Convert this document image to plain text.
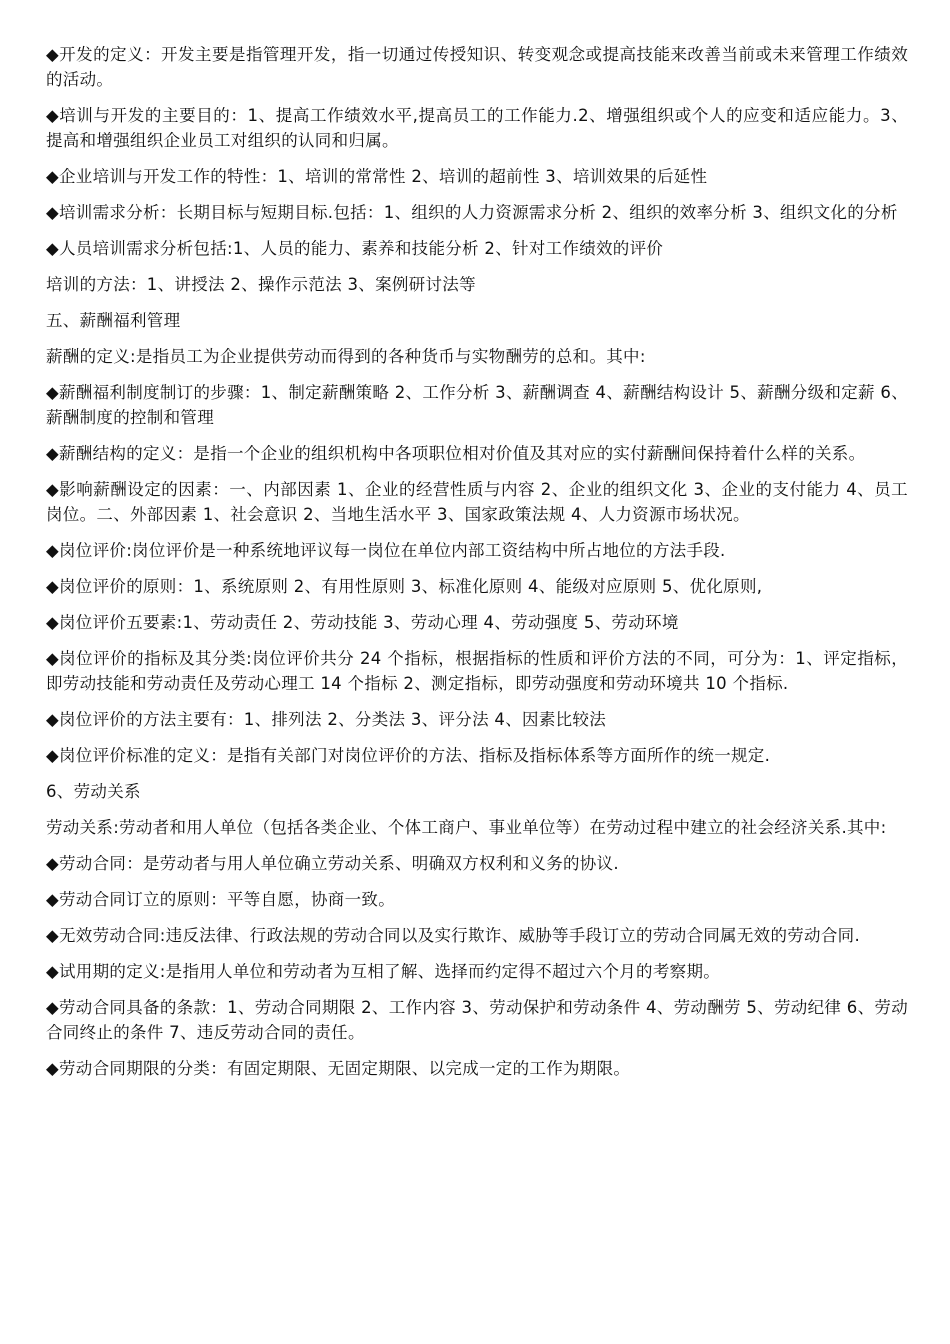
◆开发的定义：开发主要是指管理开发，指一切通过传授知识、转变观念或提高技能来改善当前或未来管理工作绩效的活动。

◆培训与开发的主要目的：1、提高工作绩效水平,提高员工的工作能力.2、增强组织或个人的应变和适应能力。3、提高和增强组织企业员工对组织的认同和归属。

◆企业培训与开发工作的特性：1、培训的常常性 2、培训的超前性 3、培训效果的后延性

◆培训需求分析：长期目标与短期目标.包括：1、组织的人力资源需求分析 2、组织的效率分析 3、组织文化的分析

◆人员培训需求分析包括:1、人员的能力、素养和技能分析 2、针对工作绩效的评价

培训的方法：1、讲授法 2、操作示范法 3、案例研讨法等

五、薪酬福利管理

薪酬的定义:是指员工为企业提供劳动而得到的各种货币与实物酬劳的总和。其中:

◆薪酬福利制度制订的步骤：1、制定薪酬策略 2、工作分析 3、薪酬调查 4、薪酬结构设计 5、薪酬分级和定薪 6、薪酬制度的控制和管理

◆薪酬结构的定义：是指一个企业的组织机构中各项职位相对价值及其对应的实付薪酬间保持着什么样的关系。

◆影响薪酬设定的因素：一、内部因素 1、企业的经营性质与内容 2、企业的组织文化 3、企业的支付能力 4、员工岗位。二、外部因素 1、社会意识 2、当地生活水平 3、国家政策法规 4、人力资源市场状况。

◆岗位评价:岗位评价是一种系统地评议每一岗位在单位内部工资结构中所占地位的方法手段.

◆岗位评价的原则：1、系统原则 2、有用性原则 3、标准化原则 4、能级对应原则 5、优化原则,

◆岗位评价五要素:1、劳动责任 2、劳动技能 3、劳动心理 4、劳动强度 5、劳动环境

◆岗位评价的指标及其分类:岗位评价共分 24 个指标，根据指标的性质和评价方法的不同，可分为：1、评定指标，即劳动技能和劳动责任及劳动心理工 14 个指标 2、测定指标，即劳动强度和劳动环境共 10 个指标.

◆岗位评价的方法主要有：1、排列法 2、分类法 3、评分法 4、因素比较法

◆岗位评价标准的定义：是指有关部门对岗位评价的方法、指标及指标体系等方面所作的统一规定.

6、劳动关系

劳动关系:劳动者和用人单位（包括各类企业、个体工商户、事业单位等）在劳动过程中建立的社会经济关系.其中:

◆劳动合同：是劳动者与用人单位确立劳动关系、明确双方权利和义务的协议.

◆劳动合同订立的原则：平等自愿，协商一致。

◆无效劳动合同:违反法律、行政法规的劳动合同以及实行欺诈、威胁等手段订立的劳动合同属无效的劳动合同.

◆试用期的定义:是指用人单位和劳动者为互相了解、选择而约定得不超过六个月的考察期。

◆劳动合同具备的条款：1、劳动合同期限 2、工作内容 3、劳动保护和劳动条件 4、劳动酬劳 5、劳动纪律 6、劳动合同终止的条件 7、违反劳动合同的责任。

◆劳动合同期限的分类：有固定期限、无固定期限、以完成一定的工作为期限。
